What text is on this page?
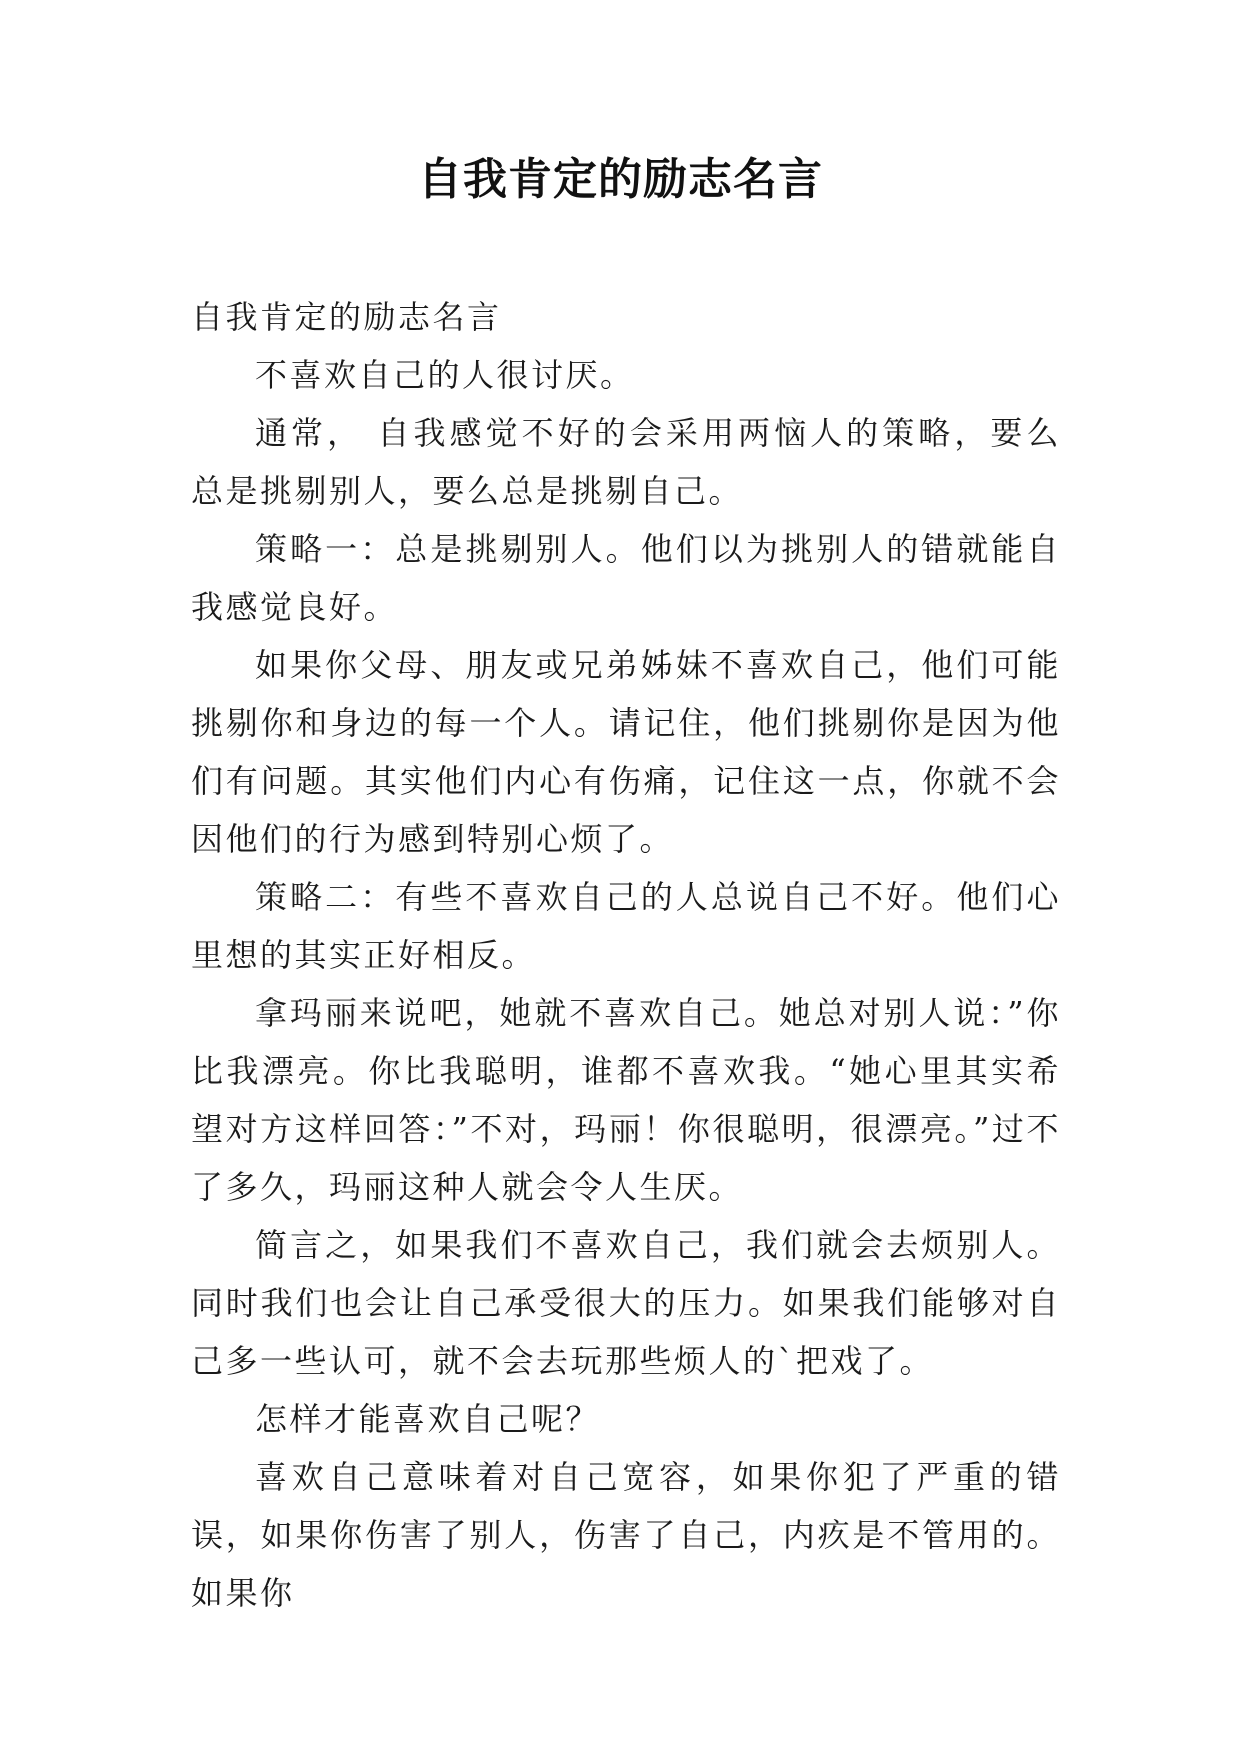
自我肯定的励志名言

自我肯定的励志名言

不喜欢自己的人很讨厌。

通常， 自我感觉不好的会采用两恼人的策略，要么总是挑剔别人，要么总是挑剔自己。

策略一：总是挑剔别人。他们以为挑别人的错就能自我感觉良好。

如果你父母、朋友或兄弟姊妹不喜欢自己，他们可能挑剔你和身边的每一个人。请记住，他们挑剔你是因为他们有问题。其实他们内心有伤痛，记住这一点，你就不会因他们的行为感到特别心烦了。

策略二：有些不喜欢自己的人总说自己不好。他们心里想的其实正好相反。

拿玛丽来说吧，她就不喜欢自己。她总对别人说：”你比我漂亮。你比我聪明，谁都不喜欢我。“她心里其实希望对方这样回答：”不对，玛丽！你很聪明，很漂亮。”过不了多久，玛丽这种人就会令人生厌。

简言之，如果我们不喜欢自己，我们就会去烦别人。同时我们也会让自己承受很大的压力。如果我们能够对自己多一些认可，就不会去玩那些烦人的`把戏了。

怎样才能喜欢自己呢？

喜欢自己意味着对自己宽容，如果你犯了严重的错误，如果你伤害了别人，伤害了自己，内疚是不管用的。如果你
